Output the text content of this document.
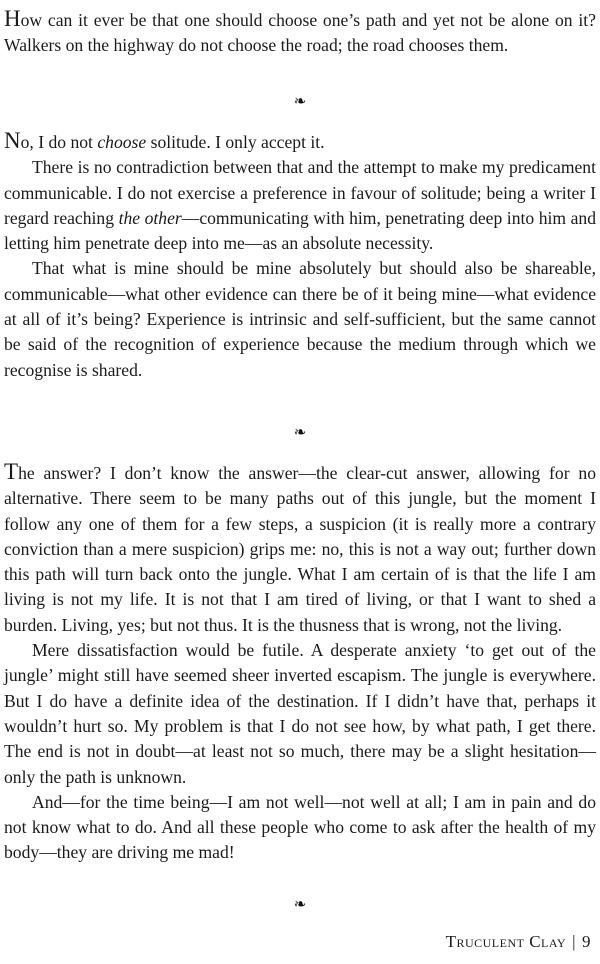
How can it ever be that one should choose one’s path and yet not be alone on it? Walkers on the highway do not choose the road; the road chooses them.

❧

No, I do not choose solitude. I only accept it.

There is no contradiction between that and the attempt to make my predicament communicable. I do not exercise a preference in favour of solitude; being a writer I regard reaching the other—communicating with him, penetrating deep into him and letting him penetrate deep into me—as an absolute necessity.

That what is mine should be mine absolutely but should also be shareable, communicable—what other evidence can there be of it being mine—what evidence at all of it’s being? Experience is intrinsic and self-sufficient, but the same cannot be said of the recognition of experience because the medium through which we recognise is shared.

❧

The answer? I don’t know the answer—the clear-cut answer, allowing for no alternative. There seem to be many paths out of this jungle, but the moment I follow any one of them for a few steps, a suspicion (it is really more a contrary conviction than a mere suspicion) grips me: no, this is not a way out; further down this path will turn back onto the jungle. What I am certain of is that the life I am living is not my life. It is not that I am tired of living, or that I want to shed a burden. Living, yes; but not thus. It is the thusness that is wrong, not the living.

Mere dissatisfaction would be futile. A desperate anxiety ‘to get out of the jungle’ might still have seemed sheer inverted escapism. The jungle is everywhere. But I do have a definite idea of the destination. If I didn’t have that, perhaps it wouldn’t hurt so. My problem is that I do not see how, by what path, I get there. The end is not in doubt—at least not so much, there may be a slight hesitation—only the path is unknown.

And—for the time being—I am not well—not well at all; I am in pain and do not know what to do. And all these people who come to ask after the health of my body—they are driving me mad!

❧
Truculent Clay | 9
